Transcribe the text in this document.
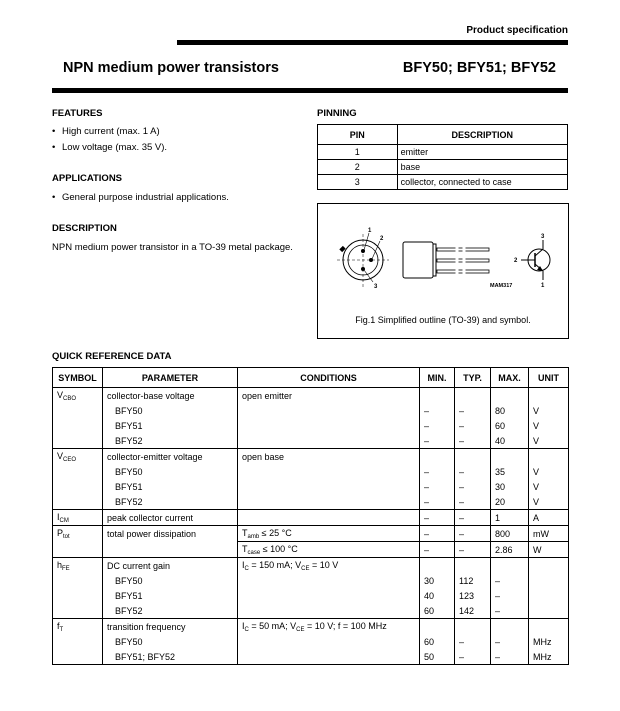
Product specification
NPN medium power transistors	BFY50; BFY51; BFY52
FEATURES
• High current (max. 1 A)
• Low voltage (max. 35 V).
APPLICATIONS
• General purpose industrial applications.
DESCRIPTION
NPN medium power transistor in a TO-39 metal package.
PINNING
PIN	DESCRIPTION
1	emitter
2	base
3	collector, connected to case
1
2
3
3
2
1
MAM317
Fig.1 Simplified outline (TO-39) and symbol.
QUICK REFERENCE DATA
SYMBOL	PARAMETER	CONDITIONS	MIN.	TYP.	MAX.	UNIT
$V_{CBO}$	collector-base voltage	open emitter				
	BFY50		–	–	80	V
	BFY51		–	–	60	V
	BFY52		–	–	40	V
$V_{CEO}$	collector-emitter voltage	open base				
	BFY50		–	–	35	V
	BFY51		–	–	30	V
	BFY52		–	–	20	V
$I_{CM}$	peak collector current		–	–	1	A
$P_{tot}$	total power dissipation	$T_{amb} \le 25$ °C	–	–	800	mW
		$T_{case} \le 100$ °C	–	–	2.86	W
$h_{FE}$	DC current gain	$I_C = 150$ mA; $V_{CE} = 10$ V				
	BFY50		30	112	–	
	BFY51		40	123	–	
	BFY52		60	142	–	
$f_T$	transition frequency	$I_C = 50$ mA; $V_{CE} = 10$ V; f = 100 MHz				
	BFY50		60	–	–	MHz
	BFY51; BFY52		50	–	–	MHz
